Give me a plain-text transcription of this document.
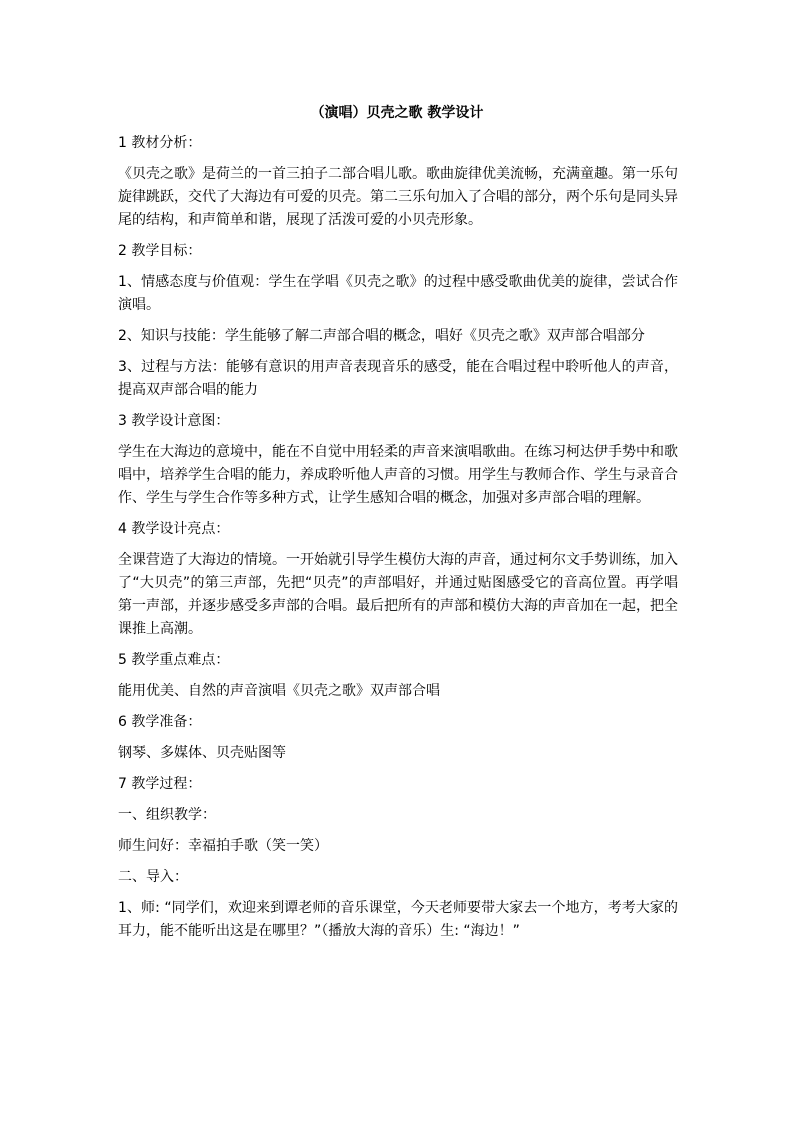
（演唱）贝壳之歌 教学设计

1 教材分析：

《贝壳之歌》是荷兰的一首三拍子二部合唱儿歌。歌曲旋律优美流畅，充满童趣。第一乐句旋律跳跃，交代了大海边有可爱的贝壳。第二三乐句加入了合唱的部分，两个乐句是同头异尾的结构，和声简单和谐，展现了活泼可爱的小贝壳形象。

2 教学目标：

1、情感态度与价值观：学生在学唱《贝壳之歌》的过程中感受歌曲优美的旋律，尝试合作演唱。

2、知识与技能：学生能够了解二声部合唱的概念，唱好《贝壳之歌》双声部合唱部分

3、过程与方法：能够有意识的用声音表现音乐的感受，能在合唱过程中聆听他人的声音，提高双声部合唱的能力

3 教学设计意图：

学生在大海边的意境中，能在不自觉中用轻柔的声音来演唱歌曲。在练习柯达伊手势中和歌唱中，培养学生合唱的能力，养成聆听他人声音的习惯。用学生与教师合作、学生与录音合作、学生与学生合作等多种方式，让学生感知合唱的概念，加强对多声部合唱的理解。

4 教学设计亮点：

全课营造了大海边的情境。一开始就引导学生模仿大海的声音，通过柯尔文手势训练，加入了“大贝壳”的第三声部，先把“贝壳”的声部唱好，并通过贴图感受它的音高位置。再学唱第一声部，并逐步感受多声部的合唱。最后把所有的声部和模仿大海的声音加在一起，把全课推上高潮。

5 教学重点难点：

能用优美、自然的声音演唱《贝壳之歌》双声部合唱

6 教学准备：

钢琴、多媒体、贝壳贴图等

7 教学过程：

一、组织教学：

师生问好：幸福拍手歌（笑一笑）

二、导入：

1、师: “同学们，欢迎来到谭老师的音乐课堂，今天老师要带大家去一个地方，考考大家的耳力，能不能听出这是在哪里？”（播放大海的音乐）生: “海边！”
